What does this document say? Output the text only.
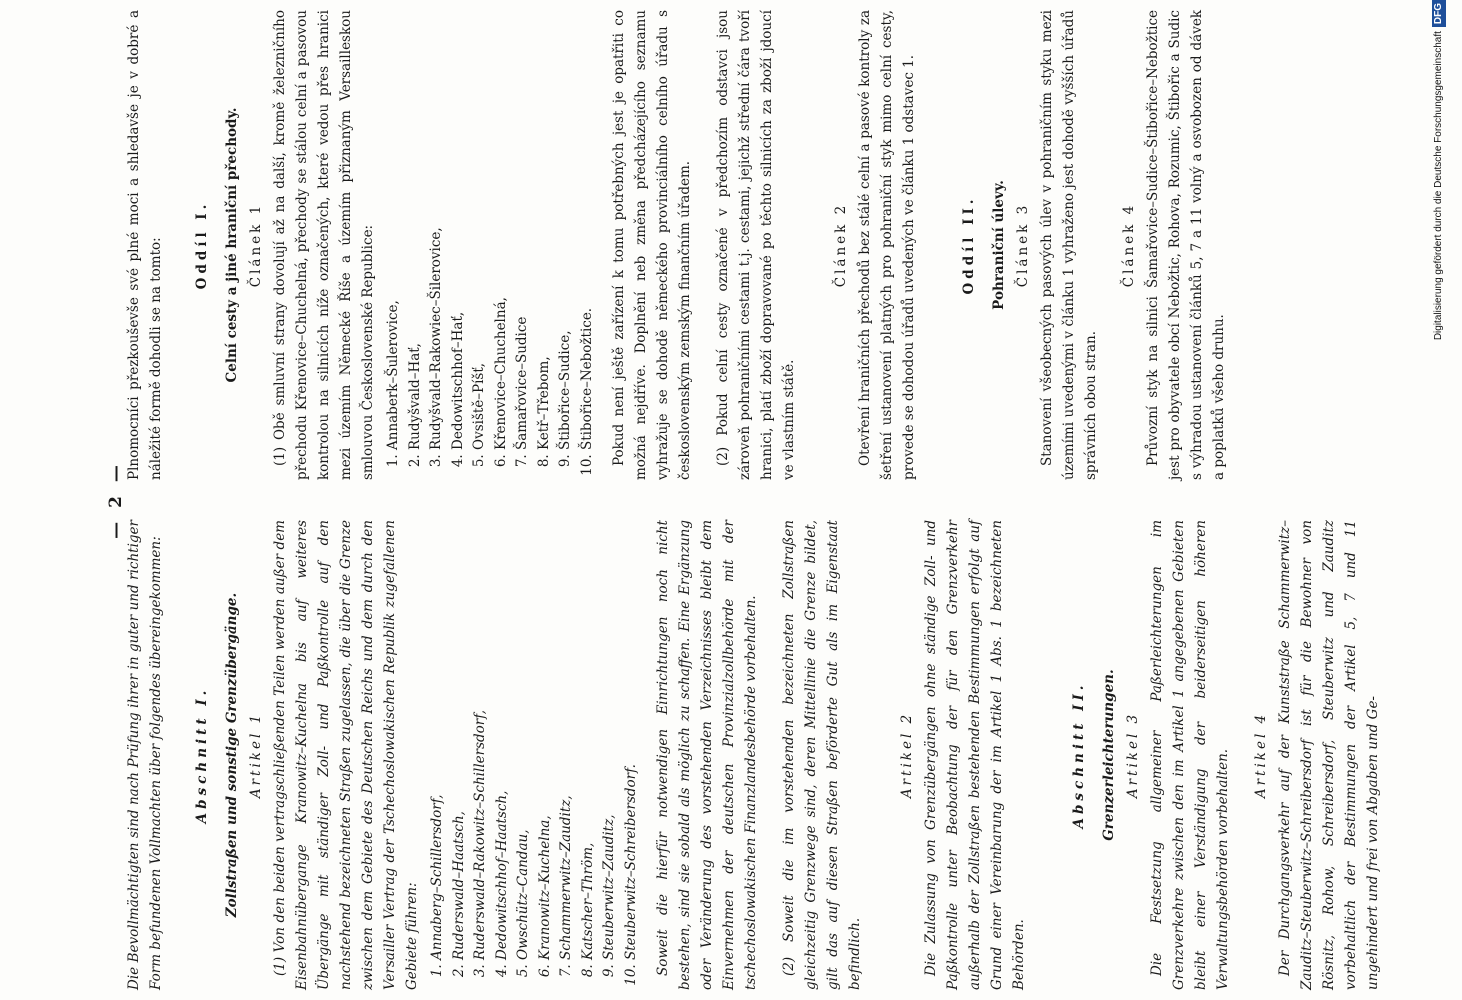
— 2 —

Die Bevollmächtigten sind nach Prüfung ihrer in guter und richtiger Form befundenen Vollmachten über folgendes übereingekommen: Abschnitt I. Zollstraßen und sonstige Grenzübergänge. Artikel 1 (1) Von den beiden vertragschließenden Teilen werden außer dem Eisenbahnübergange Kranowitz–Kuchelna bis auf weiteres Übergänge mit ständiger Zoll- und Paßkontrolle auf den nachstehend bezeichneten Straßen zugelassen, die über die Grenze zwischen dem Gebiete des Deutschen Reichs und dem durch den Versailler Vertrag der Tschechoslowakischen Republik zugefallenen Gebiete führen: 1. Annaberg–Schillersdorf, 2. Ruderswald–Haatsch, 3. Ruderswald–Rakowitz–Schillersdorf, 4. Dedowitschhof–Haatsch, 5. Owschütz–Candau, 6. Kranowitz–Kuchelna, 7. Schammerwitz–Zauditz, 8. Katscher–Thröm, 9. Steuberwitz–Zauditz, 10. Steuberwitz–Schreibersdorf. Soweit die hierfür notwendigen Einrichtungen noch nicht bestehen, sind sie sobald als möglich zu schaffen. Eine Ergänzung oder Veränderung des vorstehenden Verzeichnisses bleibt dem Einvernehmen der deutschen Provinzialzollbehörde mit der tschechoslowakischen Finanzlandesbehörde vorbehalten. (2) Soweit die im vorstehenden bezeichneten Zollstraßen gleichzeitig Grenzwege sind, deren Mittellinie die Grenze bildet, gilt das auf diesen Straßen beförderte Gut als im Eigenstaat befindlich.

Artikel 2 Die Zulassung von Grenzübergängen ohne ständige Zoll- und Paßkontrolle unter Beobachtung der für den Grenzverkehr außerhalb der Zollstraßen bestehenden Bestimmungen erfolgt auf Grund einer Vereinbarung der im Artikel 1 Abs. 1 bezeichneten Behörden.

Abschnitt II. Grenzerleichterungen. Artikel 3 Die Festsetzung allgemeiner Paßerleichterungen im Grenzverkehre zwischen den im Artikel 1 angegebenen Gebieten bleibt einer Verständigung der beiderseitigen höheren Verwaltungsbehörden vorbehalten. Artikel 4 Der Durchgangsverkehr auf der Kunststraße Schammerwitz–Zauditz–Steuberwitz–Schreibersdorf ist für die Bewohner von Rösnitz, Rohow, Schreibersdorf, Steuberwitz und Zauditz vorbehaltlich der Bestimmungen der Artikel 5, 7 und 11 ungehindert und frei von Abgaben und Ge-

Plnomocníci přezkouševše své plné moci a shledavše je v dobré a náležité formě dohodli se na tomto: Oddíl I. Celní cesty a jiné hraniční přechody. Článek 1 (1) Obě smluvní strany dovolují až na další, kromě železničního přechodu Křenovice–Chuchelná, přechody se stálou celní a pasovou kontrolou na silnicích níže označených, které vedou přes hranici mezi územím Německé Říše a územím přiznaným Versailleskou smlouvou Československé Republice: 1. Annaberk–Šulerovice, 2. Rudyšvald–Hať, 3. Rudyšvald–Rakowiec–Šilerovice, 4. Dedowitschhof–Hať, 5. Ovsiště–Píšť, 6. Křenovice–Chuchelná, 7. Šamařovice–Sudice 8. Ketř–Třebom, 9. Štibořice–Sudice, 10. Štibořice–Nebožtice. Pokud není ještě zařízení k tomu potřebných jest je opatřiti co možná nejdříve. Doplnění neb změna předcházejícího seznamu vyhražuje se dohodě německého provinciálního celního úřadu s československým zemským finančním úřadem. (2) Pokud celní cesty označené v předchozím odstavci jsou zároveň pohraničními cestami t.j. cestami, jejichž střední čára tvoří hranici, platí zboží dopravované po těchto silnicích za zboží jdoucí ve vlastním státě.

Článek 2 Otevření hraničních přechodů bez stálé celní a pasové kontroly za šetření ustanovení platných pro pohraniční styk mimo celní cesty, provede se dohodou úřadů uvedených ve článku 1 odstavec 1.	Oddíl II. Pohraniční úlevy. Článek 3 Stanovení všeobecných pasových úlev v pohraničním styku mezi územími uvedenými v článku 1 vyhraženo jest dohodě vyšších úřadů správních obou stran.

Článek 4 Průvozní styk na silnici Šamařovice–Sudice–Štibořice–Nebožtice jest pro obyvatele obcí Nebožtic, Rohova, Rozumic, Štibořic a Sudic s výhradou ustanovení článků 5, 7 a 11 volný a osvobozen od dávek a poplatků všeho druhu.

Digitalisierung gefördert durch die Deutsche ForschungsgemeinschaftDFG
